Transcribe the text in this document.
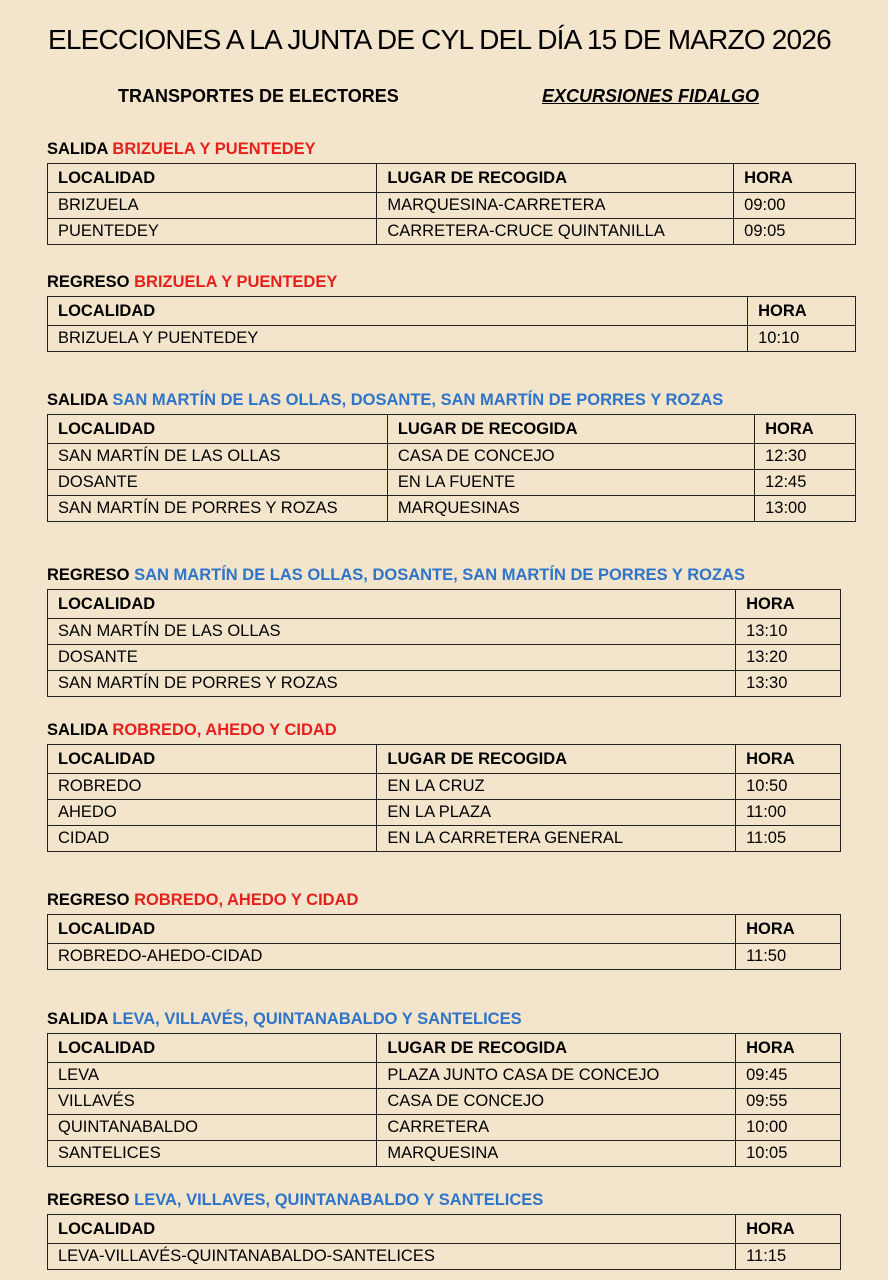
ELECCIONES A LA JUNTA DE CYL DEL DÍA 15 DE MARZO 2026
TRANSPORTES DE ELECTORES	EXCURSIONES FIDALGO
SALIDA BRIZUELA Y PUENTEDEY
LOCALIDAD	LUGAR DE RECOGIDA	HORA
BRIZUELA	MARQUESINA-CARRETERA	09:00
PUENTEDEY	CARRETERA-CRUCE QUINTANILLA	09:05
REGRESO BRIZUELA Y PUENTEDEY
LOCALIDAD	HORA
BRIZUELA Y PUENTEDEY	10:10
SALIDA SAN MARTÍN DE LAS OLLAS, DOSANTE, SAN MARTÍN DE PORRES Y ROZAS
LOCALIDAD	LUGAR DE RECOGIDA	HORA
SAN MARTÍN DE LAS OLLAS	CASA DE CONCEJO	12:30
DOSANTE	EN LA FUENTE	12:45
SAN MARTÍN DE PORRES Y ROZAS	MARQUESINAS	13:00
REGRESO SAN MARTÍN DE LAS OLLAS, DOSANTE, SAN MARTÍN DE PORRES Y ROZAS
LOCALIDAD	HORA
SAN MARTÍN DE LAS OLLAS	13:10
DOSANTE	13:20
SAN MARTÍN DE PORRES Y ROZAS	13:30
SALIDA ROBREDO, AHEDO Y CIDAD
LOCALIDAD	LUGAR DE RECOGIDA	HORA
ROBREDO	EN LA CRUZ	10:50
AHEDO	EN LA PLAZA	11:00
CIDAD	EN LA CARRETERA GENERAL	11:05
REGRESO ROBREDO, AHEDO Y CIDAD
LOCALIDAD	HORA
ROBREDO-AHEDO-CIDAD	11:50
SALIDA LEVA, VILLAVÉS, QUINTANABALDO Y SANTELICES
LOCALIDAD	LUGAR DE RECOGIDA	HORA
LEVA	PLAZA JUNTO CASA DE CONCEJO	09:45
VILLAVÉS	CASA DE CONCEJO	09:55
QUINTANABALDO	CARRETERA	10:00
SANTELICES	MARQUESINA	10:05
REGRESO LEVA, VILLAVES, QUINTANABALDO Y SANTELICES
LOCALIDAD	HORA
LEVA-VILLAVÉS-QUINTANABALDO-SANTELICES	11:15
